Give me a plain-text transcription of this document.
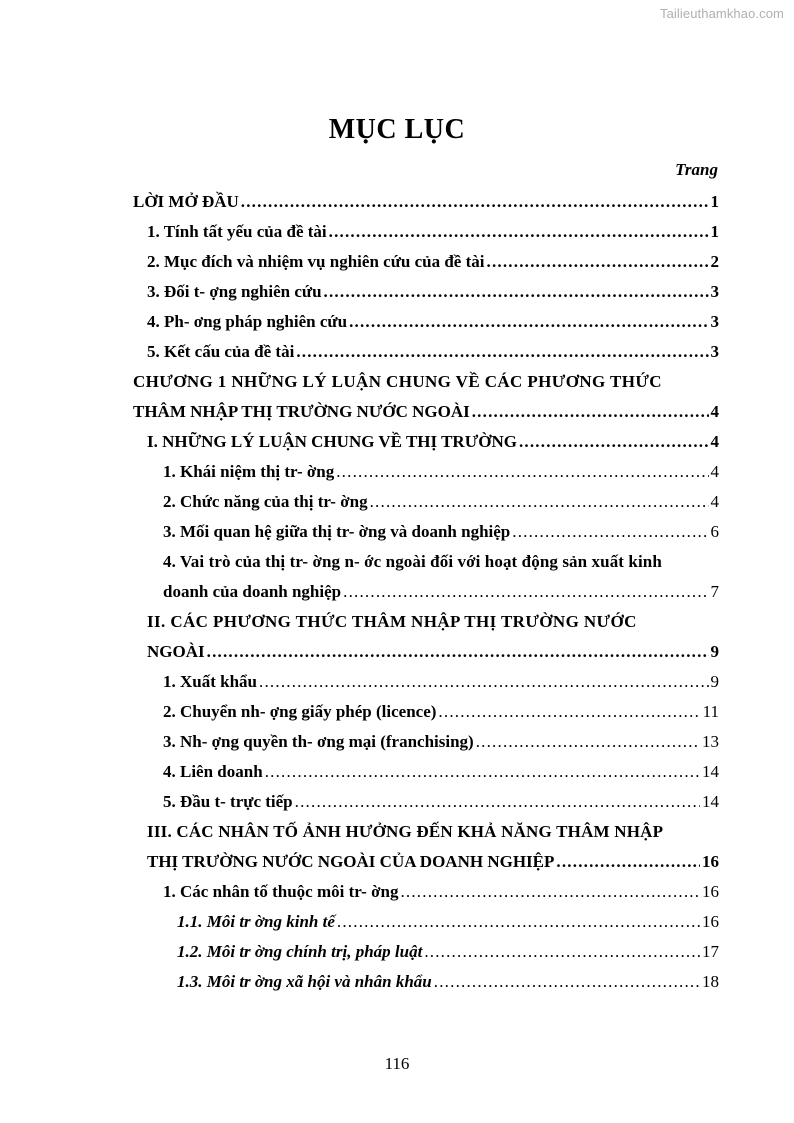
Tailieuthamkhao.com
MỤC LỤC
Trang
LỜI MỞ ĐẦU .....	1
1. Tính tất yếu của đề tài .....	1
2. Mục đích và nhiệm vụ nghiên cứu của đề tài .....	2
3. Đối t- ợng nghiên cứu .....	3
4. Ph- ơng pháp nghiên cứu .....	3
5. Kết cấu của đề tài .....	3
CHƯƠNG 1 NHỮNG LÝ LUẬN CHUNG VỀ CÁC PHƯƠNG THỨC
THÂM NHẬP THỊ TRƯỜNG NƯỚC NGOÀI .....	4
I. NHỮNG LÝ LUẬN CHUNG VỀ THỊ TRƯỜNG .....	4
1. Khái niệm thị tr- ờng .....	4
2. Chức năng của thị tr- ờng .....	4
3. Mối quan hệ giữa thị tr- ờng và doanh nghiệp .....	6
4. Vai trò của thị tr- ờng n- ớc ngoài đối với hoạt động sản xuất kinh
doanh của doanh nghiệp .....	7
II. CÁC PHƯƠNG THỨC THÂM NHẬP THỊ TRƯỜNG NƯỚC
NGOÀI .....	9
1. Xuất khẩu .....	9
2. Chuyển nh- ợng giấy phép (licence) .....	11
3. Nh- ợng quyền th- ơng mại (franchising) .....	13
4. Liên doanh .....	14
5. Đầu t- trực tiếp .....	14
III. CÁC NHÂN TỐ ẢNH HƯỞNG ĐẾN KHẢ NĂNG THÂM NHẬP
THỊ TRƯỜNG NƯỚC NGOÀI CỦA DOANH NGHIỆP .....	16
1. Các nhân tố thuộc môi tr- ờng .....	16
1.1. Môi tr ờng kinh tế .....	16
1.2. Môi tr ờng chính trị, pháp luật .....	17
1.3. Môi tr ờng xã hội và nhân khẩu .....	18
116
